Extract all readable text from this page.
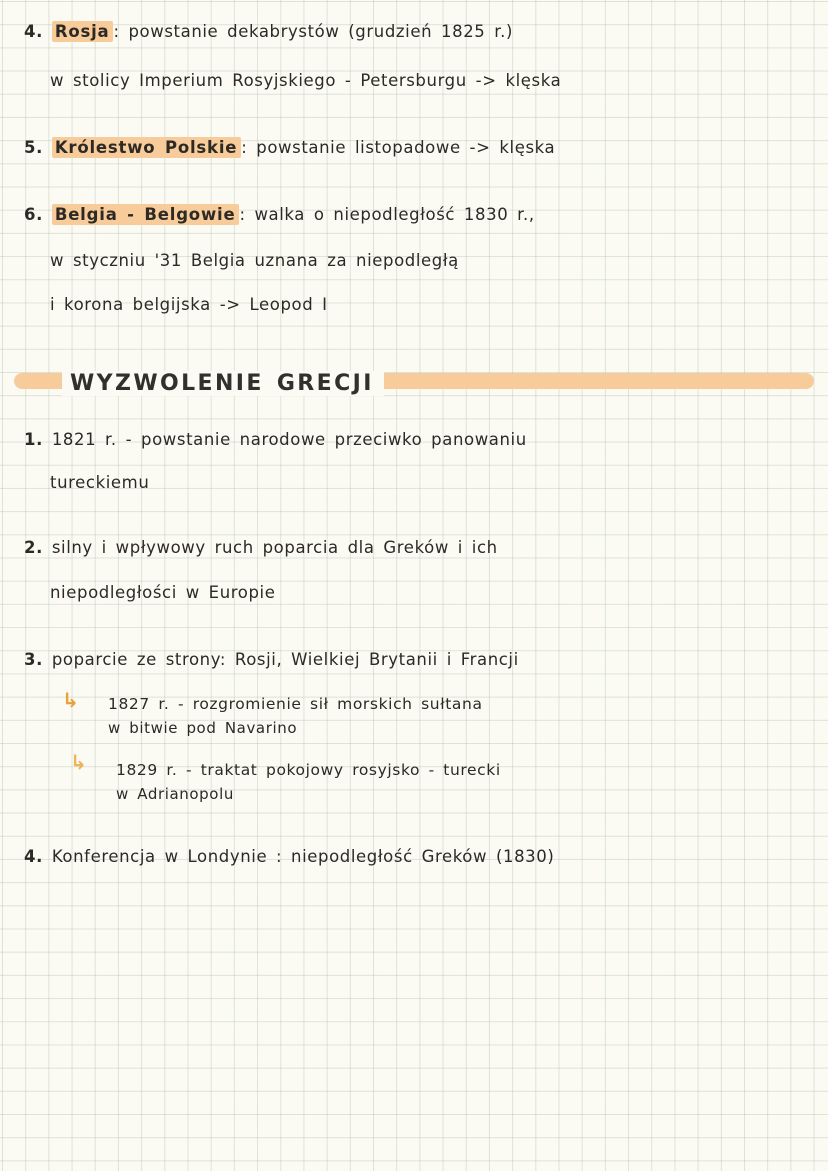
4. Rosja : powstanie dekabrystów (grudzień 1825 r.)
w stolicy Imperium Rosyjskiego - Petersburgu -> klęska
5. Królestwo Polskie : powstanie listopadowe -> klęska
6. Belgia - Belgowie : walka o niepodległość 1830 r.,
w styczniu '31 Belgia uznana za niepodległą
i korona belgijska -> Leopod I
WYZWOLENIE GRECJI
1. 1821 r. - powstanie narodowe przeciwko panowaniu
tureckiemu
2. silny i wpływowy ruch poparcia dla Greków i ich
niepodległości w Europie
3. poparcie ze strony: Rosji, Wielkiej Brytanii i Francji
↳ 1827 r. - rozgromienie sił morskich sułtana
w bitwie pod Navarino
↳ 1829 r. - traktat pokojowy rosyjsko - turecki
w Adrianopolu
4. Konferencja w Londynie : niepodległość Greków (1830)
